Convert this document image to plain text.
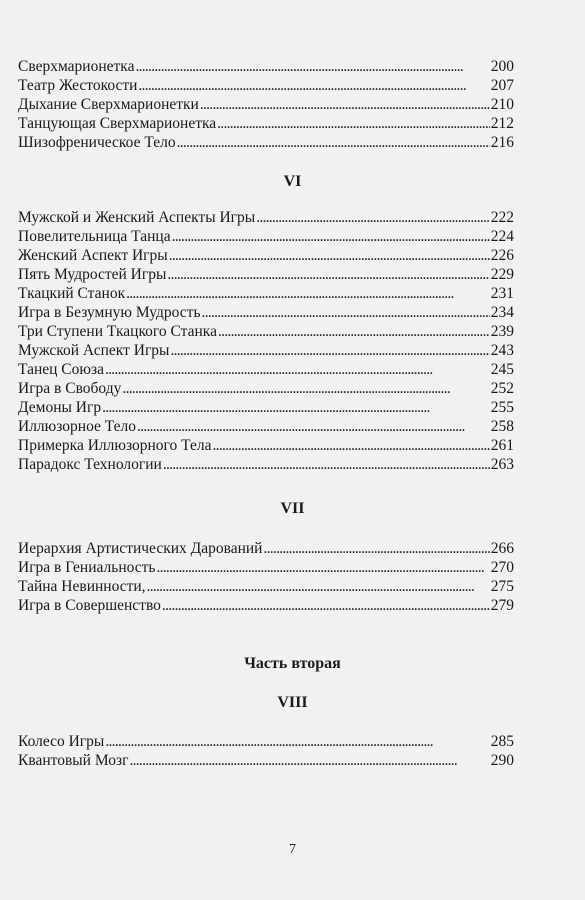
Сверхмарионетка . . .	200
Театр Жестокости . . .	207
Дыхание Сверхмарионетки . . .	210
Танцующая Сверхмарионетка . . .	212
Шизофреническое Тело . . .	216
VI
Мужской и Женский Аспекты Игры . . .	222
Повелительница Танца . . .	224
Женский Аспект Игры . . .	226
Пять Мудростей Игры . . .	229
Ткацкий Станок . . .	231
Игра в Безумную Мудрость . . .	234
Три Ступени Ткацкого Станка . . .	239
Мужской Аспект Игры . . .	243
Танец Союза . . .	245
Игра в Свободу . . .	252
Демоны Игр . . .	255
Иллюзорное Тело . . .	258
Примерка Иллюзорного Тела . . .	261
Парадокс Технологии . . .	263
VII
Иерархия Артистических Дарований . . .	266
Игра в Гениальность . . .	270
Тайна Невинности, . . .	275
Игра в Совершенство . . .	279
Часть вторая
VIII
Колесо Игры . . .	285
Квантовый Мозг . . .	290
7
